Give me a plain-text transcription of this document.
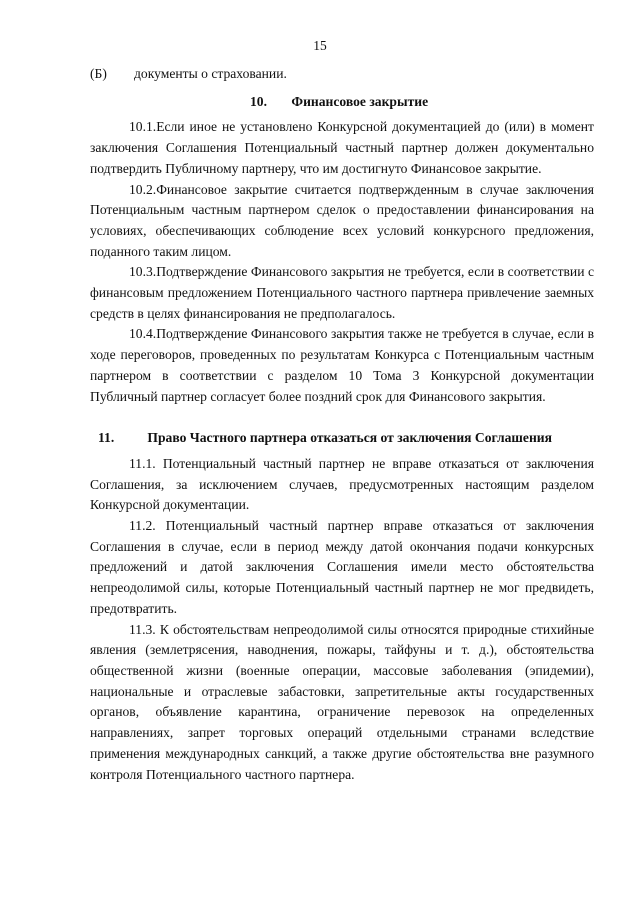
15
(Б)	документы о страховании.
10. Финансовое закрытие

10.1.Если иное не установлено Конкурсной документацией до (или) в момент заключения Соглашения Потенциальный частный партнер должен документально подтвердить Публичному партнеру, что им достигнуто Финансовое закрытие.

10.2.Финансовое закрытие считается подтвержденным в случае заключения Потенциальным частным партнером сделок о предоставлении финансирования на условиях, обеспечивающих соблюдение всех условий конкурсного предложения, поданного таким лицом.

10.3.Подтверждение Финансового закрытия не требуется, если в соответствии с финансовым предложением Потенциального частного партнера привлечение заемных средств в целях финансирования не предполагалось.

10.4.Подтверждение Финансового закрытия также не требуется в случае, если в ходе переговоров, проведенных по результатам Конкурса с Потенциальным частным партнером в соответствии с разделом 10 Тома 3 Конкурсной документации Публичный партнер согласует более поздний срок для Финансового закрытия.

11. Право Частного партнера отказаться от заключения Соглашения

11.1. Потенциальный частный партнер не вправе отказаться от заключения Соглашения, за исключением случаев, предусмотренных настоящим разделом Конкурсной документации.

11.2. Потенциальный частный партнер вправе отказаться от заключения Соглашения в случае, если в период между датой окончания подачи конкурсных предложений и датой заключения Соглашения имели место обстоятельства непреодолимой силы, которые Потенциальный частный партнер не мог предвидеть, предотвратить.

11.3. К обстоятельствам непреодолимой силы относятся природные стихийные явления (землетрясения, наводнения, пожары, тайфуны и т. д.), обстоятельства общественной жизни (военные операции, массовые заболевания (эпидемии), национальные и отраслевые забастовки, запретительные акты государственных органов, объявление карантина, ограничение перевозок на определенных направлениях, запрет торговых операций отдельными странами вследствие применения международных санкций, а также другие обстоятельства вне разумного контроля Потенциального частного партнера.
